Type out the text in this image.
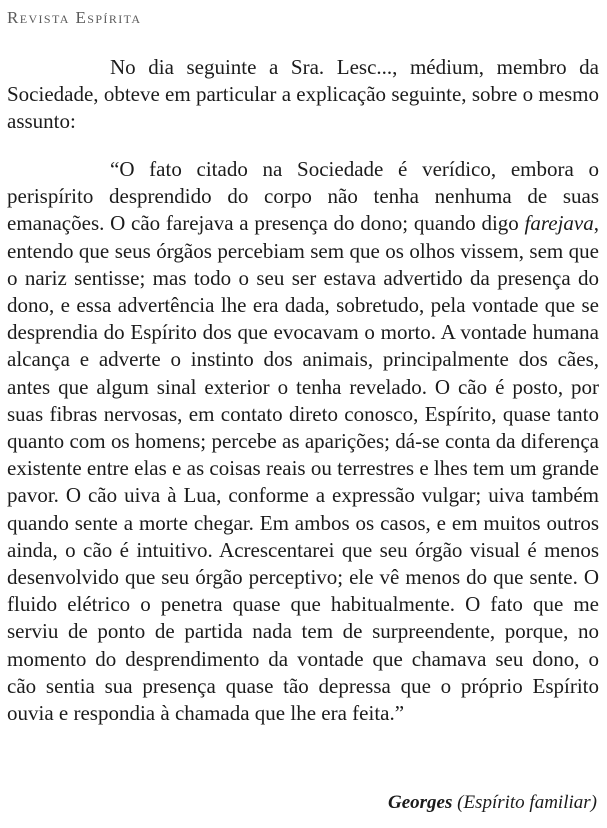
Revista Espírita

No dia seguinte a Sra. Lesc..., médium, membro da Sociedade, obteve em particular a explicação seguinte, sobre o mesmo assunto:

“O fato citado na Sociedade é verídico, embora o perispírito desprendido do corpo não tenha nenhuma de suas emanações. O cão farejava a presença do dono; quando digo farejava, entendo que seus órgãos percebiam sem que os olhos vissem, sem que o nariz sentisse; mas todo o seu ser estava advertido da presença do dono, e essa advertência lhe era dada, sobretudo, pela vontade que se desprendia do Espírito dos que evocavam o morto. A vontade humana alcança e adverte o instinto dos animais, principalmente dos cães, antes que algum sinal exterior o tenha revelado. O cão é posto, por suas fibras nervosas, em contato direto conosco, Espírito, quase tanto quanto com os homens; percebe as aparições; dá-se conta da diferença existente entre elas e as coisas reais ou terrestres e lhes tem um grande pavor. O cão uiva à Lua, conforme a expressão vulgar; uiva também quando sente a morte chegar. Em ambos os casos, e em muitos outros ainda, o cão é intuitivo. Acrescentarei que seu órgão visual é menos desenvolvido que seu órgão perceptivo; ele vê menos do que sente. O fluido elétrico o penetra quase que habitualmente. O fato que me serviu de ponto de partida nada tem de surpreendente, porque, no momento do desprendimento da vontade que chamava seu dono, o cão sentia sua presença quase tão depressa que o próprio Espírito ouvia e respondia à chamada que lhe era feita.”

Georges (Espírito familiar)
